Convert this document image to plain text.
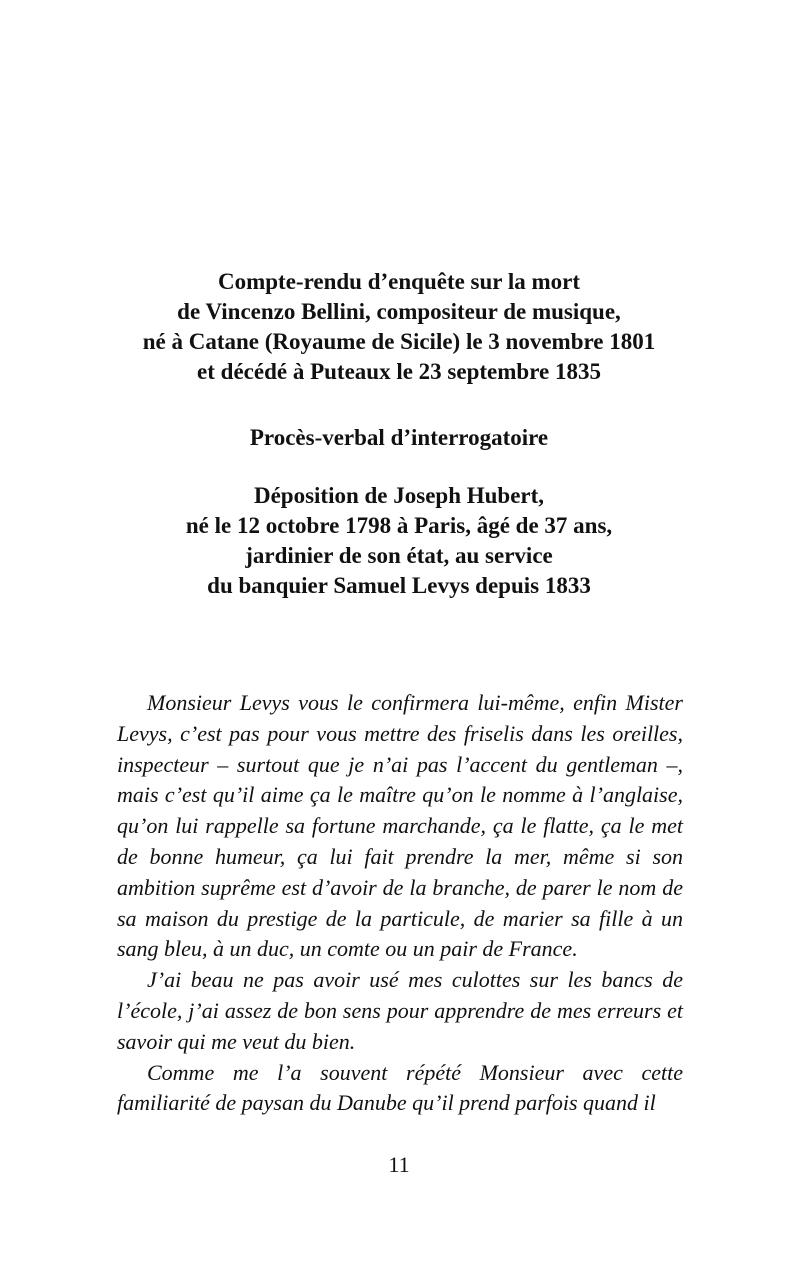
Compte-rendu d’enquête sur la mort
de Vincenzo Bellini, compositeur de musique,
né à Catane (Royaume de Sicile) le 3 novembre 1801
et décédé à Puteaux le 23 septembre 1835
Procès-verbal d’interrogatoire
Déposition de Joseph Hubert,
né le 12 octobre 1798 à Paris, âgé de 37 ans,
jardinier de son état, au service
du banquier Samuel Levys depuis 1833

Monsieur Levys vous le confirmera lui-même, enfin Mister Levys, c’est pas pour vous mettre des friselis dans les oreilles, inspecteur – surtout que je n’ai pas l’accent du gentleman –, mais c’est qu’il aime ça le maître qu’on le nomme à l’anglaise, qu’on lui rappelle sa fortune marchande, ça le flatte, ça le met de bonne humeur, ça lui fait prendre la mer, même si son ambition suprême est d’avoir de la branche, de parer le nom de sa maison du prestige de la particule, de marier sa fille à un sang bleu, à un duc, un comte ou un pair de France.

J’ai beau ne pas avoir usé mes culottes sur les bancs de l’école, j’ai assez de bon sens pour apprendre de mes erreurs et savoir qui me veut du bien.

Comme me l’a souvent répété Monsieur avec cette familiarité de paysan du Danube qu’il prend parfois quand il

11
